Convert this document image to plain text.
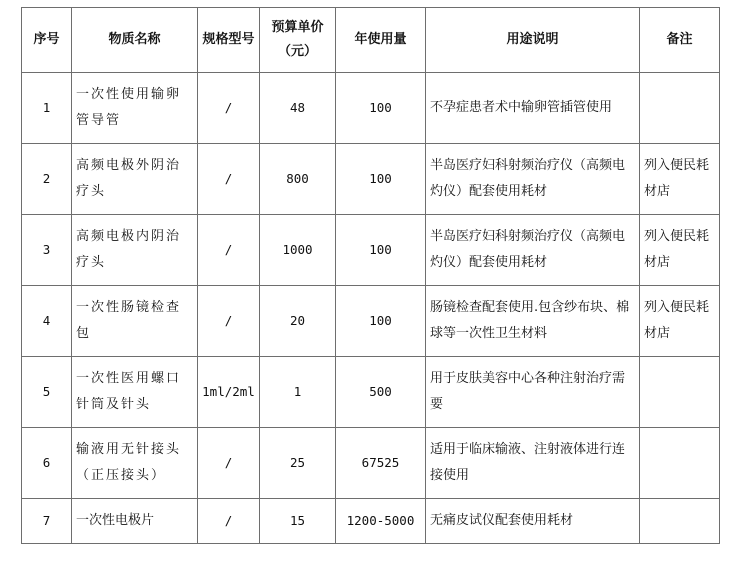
序号	物质名称	规格型号	预算单价（元）	年使用量	用途说明	备注
1	一次性使用输卵管导管	/	48	100	不孕症患者术中输卵管插管使用	
2	高频电极外阴治疗头	/	800	100	半岛医疗妇科射频治疗仪（高频电灼仪）配套使用耗材	列入便民耗材店
3	高频电极内阴治疗头	/	1000	100	半岛医疗妇科射频治疗仪（高频电灼仪）配套使用耗材	列入便民耗材店
4	一次性肠镜检查包	/	20	100	肠镜检查配套使用.包含纱布块、棉球等一次性卫生材料	列入便民耗材店
5	一次性医用螺口针筒及针头	1ml/2ml	1	500	用于皮肤美容中心各种注射治疗需要	
6	输液用无针接头（正压接头）	/	25	67525	适用于临床输液、注射液体进行连接使用	
7	一次性电极片	/	15	1200-5000	无痛皮试仪配套使用耗材	
